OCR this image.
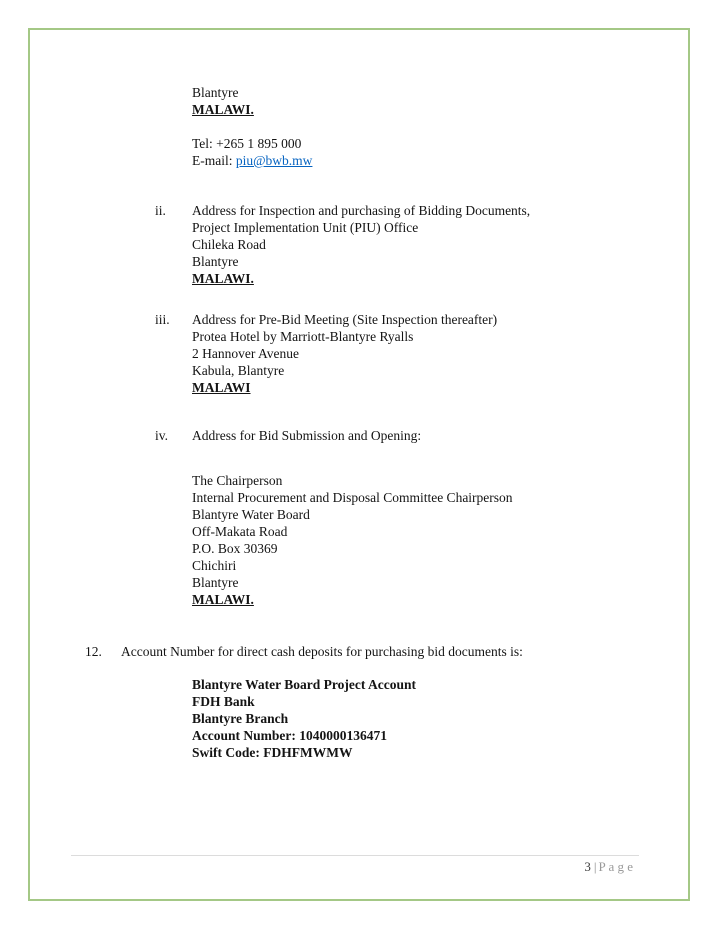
Blantyre
MALAWI.
Tel: +265 1 895 000
E-mail: piu@bwb.mw
ii. Address for Inspection and purchasing of Bidding Documents,
Project Implementation Unit (PIU) Office
Chileka Road
Blantyre
MALAWI.
iii. Address for Pre-Bid Meeting (Site Inspection thereafter)
Protea Hotel by Marriott-Blantyre Ryalls
2 Hannover Avenue
Kabula, Blantyre
MALAWI
iv. Address for Bid Submission and Opening:
The Chairperson
Internal Procurement and Disposal Committee Chairperson
Blantyre Water Board
Off-Makata Road
P.O. Box 30369
Chichiri
Blantyre
MALAWI.
12. Account Number for direct cash deposits for purchasing bid documents is:
Blantyre Water Board Project Account
FDH Bank
Blantyre Branch
Account Number: 1040000136471
Swift Code: FDHFMWMW
3 | P a g e
